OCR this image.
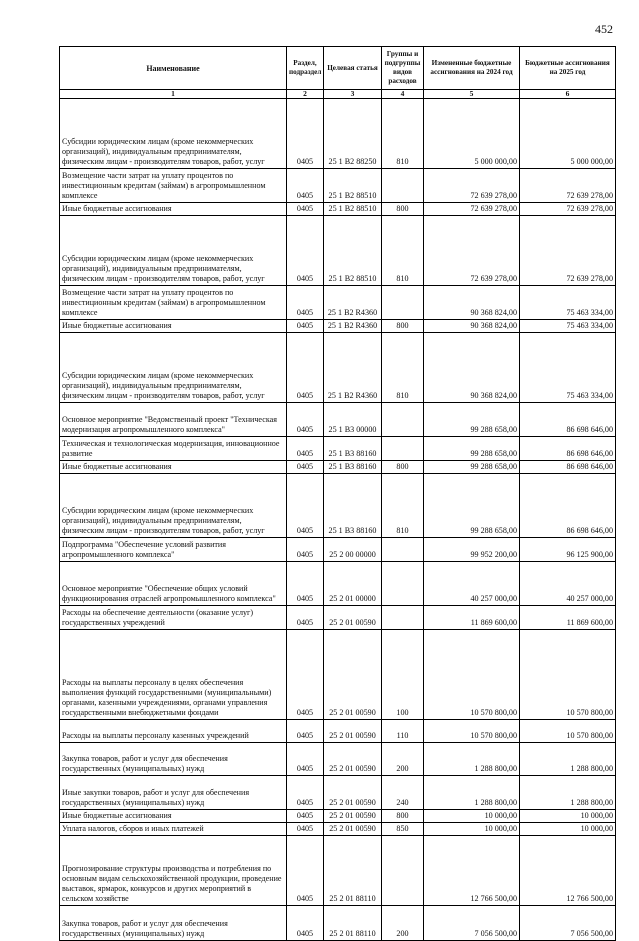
452
Наименование	Раздел, подраздел	Целевая статья	Группы и подгруппы видов расходов	Измененные бюджетные ассигнования на 2024 год	Бюджетные ассигнования на 2025 год
1	2	3	4	5	6
Субсидии юридическим лицам (кроме некоммерческих организаций), индивидуальным предпринимателям, физическим лицам - производителям товаров, работ, услуг	0405	25 1 B2 88250	810	5 000 000,00	5 000 000,00
Возмещение части затрат на уплату процентов по инвестиционным кредитам (займам) в агропромышленном комплексе	0405	25 1 B2 88510		72 639 278,00	72 639 278,00
Иные бюджетные ассигнования	0405	25 1 B2 88510	800	72 639 278,00	72 639 278,00
Субсидии юридическим лицам (кроме некоммерческих организаций), индивидуальным предпринимателям, физическим лицам - производителям товаров, работ, услуг	0405	25 1 B2 88510	810	72 639 278,00	72 639 278,00
Возмещение части затрат на уплату процентов по инвестиционным кредитам (займам) в агропромышленном комплексе	0405	25 1 B2 R4360		90 368 824,00	75 463 334,00
Иные бюджетные ассигнования	0405	25 1 B2 R4360	800	90 368 824,00	75 463 334,00
Субсидии юридическим лицам (кроме некоммерческих организаций), индивидуальным предпринимателям, физическим лицам - производителям товаров, работ, услуг	0405	25 1 B2 R4360	810	90 368 824,00	75 463 334,00
Основное мероприятие "Ведомственный проект "Техническая модернизация агропромышленного комплекса"	0405	25 1 B3 00000		99 288 658,00	86 698 646,00
Техническая и технологическая модернизация, инновационное развитие	0405	25 1 B3 88160		99 288 658,00	86 698 646,00
Иные бюджетные ассигнования	0405	25 1 B3 88160	800	99 288 658,00	86 698 646,00
Субсидии юридическим лицам (кроме некоммерческих организаций), индивидуальным предпринимателям, физическим лицам - производителям товаров, работ, услуг	0405	25 1 B3 88160	810	99 288 658,00	86 698 646,00
Подпрограмма "Обеспечение условий развития агропромышленного комплекса"	0405	25 2 00 00000		99 952 200,00	96 125 900,00
Основное мероприятие "Обеспечение общих условий функционирования отраслей агропромышленного комплекса"	0405	25 2 01 00000		40 257 000,00	40 257 000,00
Расходы на обеспечение деятельности (оказание услуг) государственных учреждений	0405	25 2 01 00590		11 869 600,00	11 869 600,00
Расходы на выплаты персоналу в целях обеспечения выполнения функций государственными (муниципальными) органами, казенными учреждениями, органами управления государственными внебюджетными фондами	0405	25 2 01 00590	100	10 570 800,00	10 570 800,00
Расходы на выплаты персоналу казенных учреждений	0405	25 2 01 00590	110	10 570 800,00	10 570 800,00
Закупка товаров, работ и услуг для обеспечения государственных (муниципальных) нужд	0405	25 2 01 00590	200	1 288 800,00	1 288 800,00
Иные закупки товаров, работ и услуг для обеспечения государственных (муниципальных) нужд	0405	25 2 01 00590	240	1 288 800,00	1 288 800,00
Иные бюджетные ассигнования	0405	25 2 01 00590	800	10 000,00	10 000,00
Уплата налогов, сборов и иных платежей	0405	25 2 01 00590	850	10 000,00	10 000,00
Прогнозирование структуры производства и потребления по основным видам сельскохозяйственной продукции, проведение выставок, ярмарок, конкурсов и других мероприятий в сельском хозяйстве	0405	25 2 01 88110		12 766 500,00	12 766 500,00
Закупка товаров, работ и услуг для обеспечения государственных (муниципальных) нужд	0405	25 2 01 88110	200	7 056 500,00	7 056 500,00
